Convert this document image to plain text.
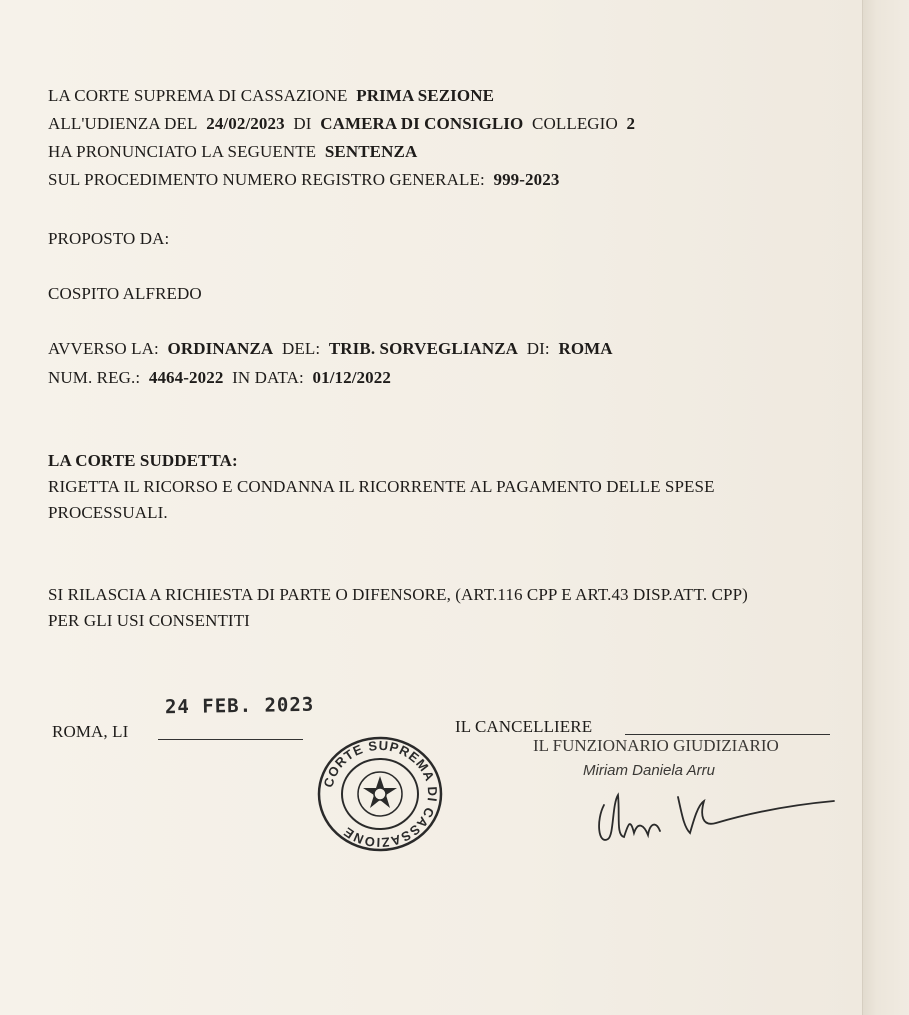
LA CORTE SUPREMA DI CASSAZIONE PRIMA SEZIONE
ALL'UDIENZA DEL 24/02/2023 DI CAMERA DI CONSIGLIO COLLEGIO 2
HA PRONUNCIATO LA SEGUENTE SENTENZA
SUL PROCEDIMENTO NUMERO REGISTRO GENERALE: 999-2023
PROPOSTO DA:
COSPITO ALFREDO
AVVERSO LA: ORDINANZA DEL: TRIB. SORVEGLIANZA DI: ROMA
NUM. REG.: 4464-2022 IN DATA: 01/12/2022
LA CORTE SUDDETTA:
RIGETTA IL RICORSO E CONDANNA IL RICORRENTE AL PAGAMENTO DELLE SPESE
PROCESSUALI.
SI RILASCIA A RICHIESTA DI PARTE O DIFENSORE, (ART.116 CPP E ART.43 DISP.ATT. CPP)
PER GLI USI CONSENTITI
24 FEB. 2023
ROMA, LI	IL CANCELLIERE
IL FUNZIONARIO GIUDIZIARIO
Miriam Daniela Arru
CORTE SUPREMA DI CASSAZIONE
